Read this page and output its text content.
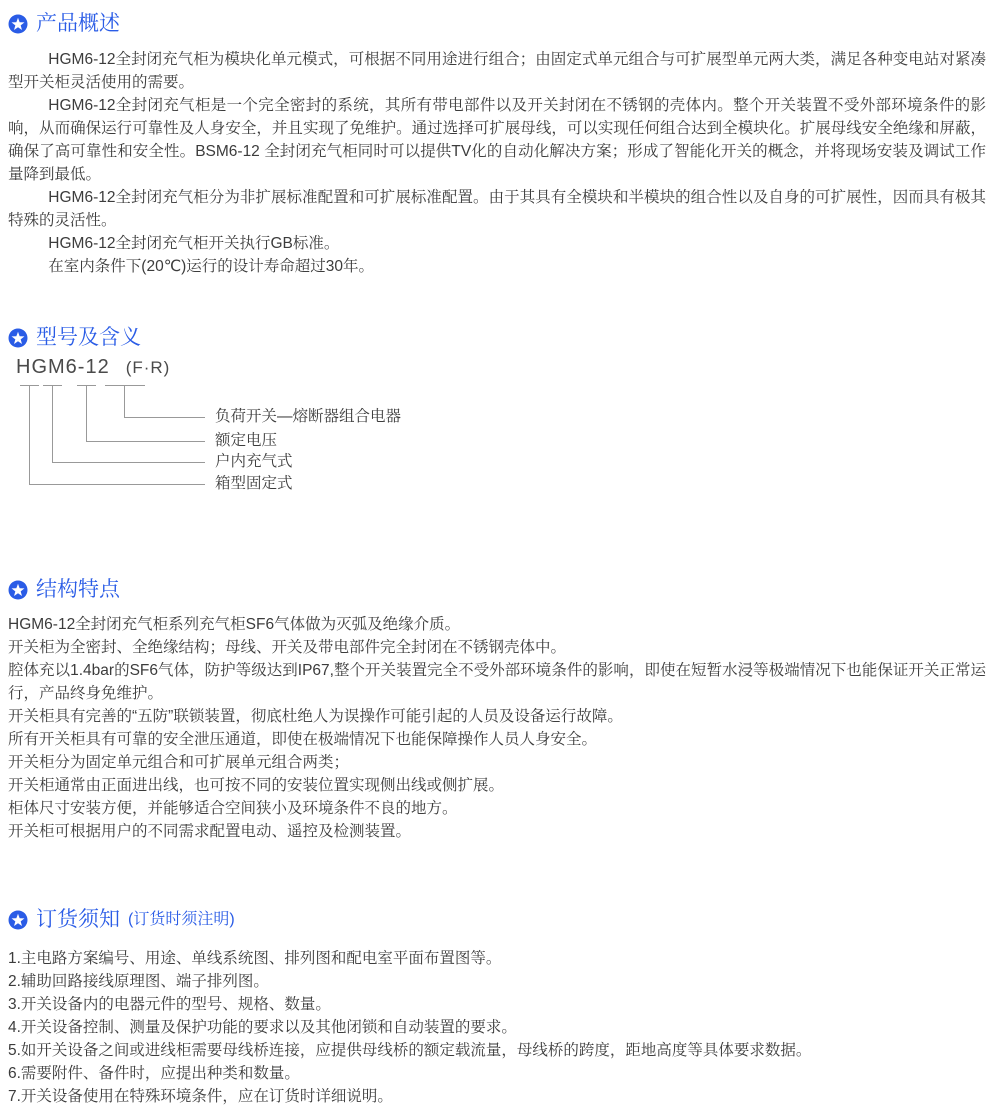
产品概述

HGM6-12全封闭充气柜为模块化单元模式，可根据不同用途进行组合；由固定式单元组合与可扩展型单元两大类，满足各种变电站对紧凑型开关柜灵活使用的需要。

HGM6-12全封闭充气柜是一个完全密封的系统，其所有带电部件以及开关封闭在不锈钢的壳体内。整个开关装置不受外部环境条件的影响，从而确保运行可靠性及人身安全，并且实现了免维护。通过选择可扩展母线，可以实现任何组合达到全模块化。扩展母线安全绝缘和屏蔽，确保了高可靠性和安全性。BSM6-12 全封闭充气柜同时可以提供TV化的自动化解决方案；形成了智能化开关的概念，并将现场安装及调试工作量降到最低。

HGM6-12全封闭充气柜分为非扩展标准配置和可扩展标准配置。由于其具有全模块和半模块的组合性以及自身的可扩展性，因而具有极其特殊的灵活性。

HGM6-12全封闭充气柜开关执行GB标准。

在室内条件下(20℃)运行的设计寿命超过30年。

型号及含义
HGM6-12 (F·R)
负荷开关—熔断器组合电器
额定电压
户内充气式
箱型固定式
结构特点

HGM6-12全封闭充气柜系列充气柜SF6气体做为灭弧及绝缘介质。

开关柜为全密封、全绝缘结构；母线、开关及带电部件完全封闭在不锈钢壳体中。

腔体充以1.4bar的SF6气体，防护等级达到IP67,整个开关装置完全不受外部环境条件的影响，即使在短暂水浸等极端情况下也能保证开关正常运行，产品终身免维护。

开关柜具有完善的“五防”联锁装置，彻底杜绝人为误操作可能引起的人员及设备运行故障。

所有开关柜具有可靠的安全泄压通道，即使在极端情况下也能保障操作人员人身安全。

开关柜分为固定单元组合和可扩展单元组合两类；

开关柜通常由正面进出线，也可按不同的安装位置实现侧出线或侧扩展。

柜体尺寸安装方便，并能够适合空间狭小及环境条件不良的地方。

开关柜可根据用户的不同需求配置电动、遥控及检测装置。

订货须知 (订货时须注明)

1.主电路方案编号、用途、单线系统图、排列图和配电室平面布置图等。

2.辅助回路接线原理图、端子排列图。

3.开关设备内的电器元件的型号、规格、数量。

4.开关设备控制、测量及保护功能的要求以及其他闭锁和自动装置的要求。

5.如开关设备之间或进线柜需要母线桥连接，应提供母线桥的额定载流量，母线桥的跨度，距地高度等具体要求数据。

6.需要附件、备件时，应提出种类和数量。

7.开关设备使用在特殊环境条件，应在订货时详细说明。
